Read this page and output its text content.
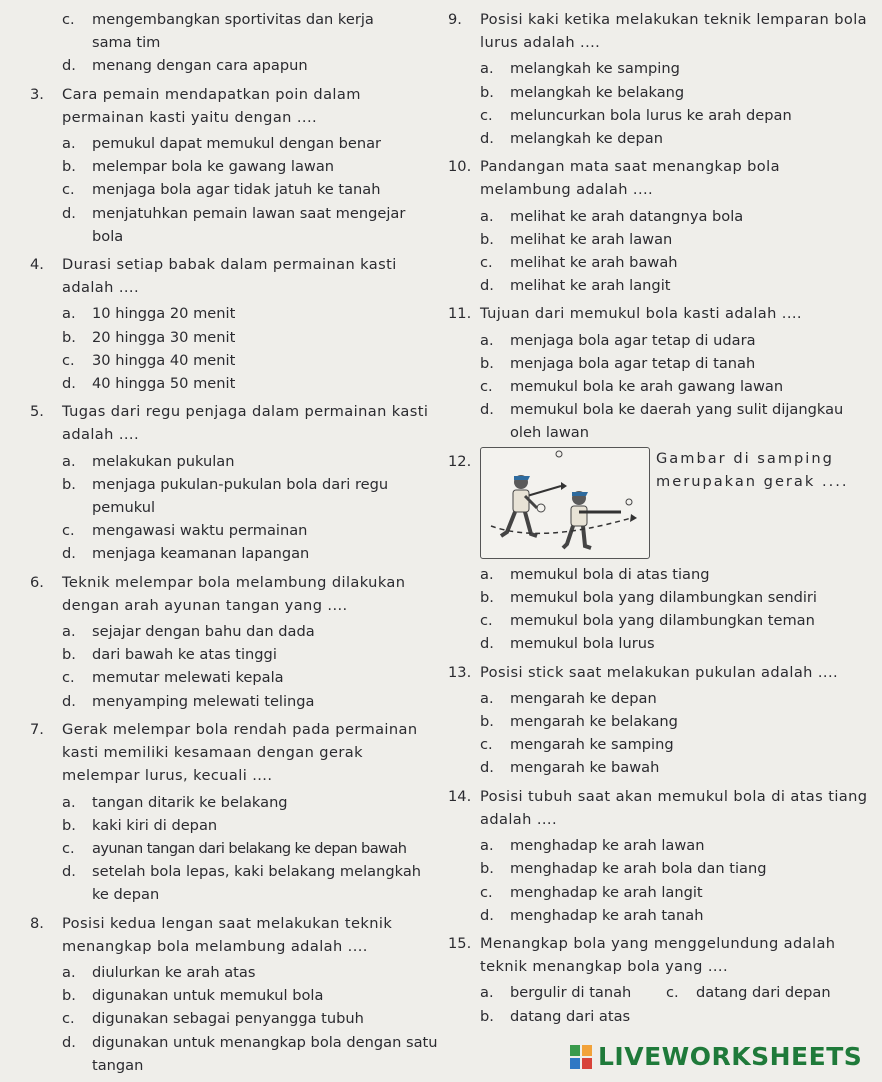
c.	mengembangkan sportivitas dan kerja
sama tim
d.	menang dengan cara apapun
3.	Cara pemain mendapatkan poin dalam permainan kasti yaitu dengan ....
a.	pemukul dapat memukul dengan benar
b.	melempar bola ke gawang lawan
c.	menjaga bola agar tidak jatuh ke tanah
d.	menjatuhkan pemain lawan saat mengejar bola
4.	Durasi setiap babak dalam permainan kasti adalah ....
a.	10 hingga 20 menit
b.	20 hingga 30 menit
c.	30 hingga 40 menit
d.	40 hingga 50 menit
5.	Tugas dari regu penjaga dalam permainan kasti adalah ....
a.	melakukan pukulan
b.	menjaga pukulan-pukulan bola dari regu pemukul
c.	mengawasi waktu permainan
d.	menjaga keamanan lapangan
6.	Teknik melempar bola melambung dilakukan dengan arah ayunan tangan yang ....
a.	sejajar dengan bahu dan dada
b.	dari bawah ke atas tinggi
c.	memutar melewati kepala
d.	menyamping melewati telinga
7.	Gerak melempar bola rendah pada permainan kasti memiliki kesamaan dengan gerak melempar lurus, kecuali ....
a.	tangan ditarik ke belakang
b.	kaki kiri di depan
c.	ayunan tangan dari belakang ke depan bawah
d.	setelah bola lepas, kaki belakang melangkah ke depan
8.	Posisi kedua lengan saat melakukan teknik menangkap bola melambung adalah ....
a.	diulurkan ke arah atas
b.	digunakan untuk memukul bola
c.	digunakan sebagai penyangga tubuh
d.	digunakan untuk menangkap bola dengan satu tangan
9.	Posisi kaki ketika melakukan teknik lemparan bola lurus adalah ....
a.	melangkah ke samping
b.	melangkah ke belakang
c.	meluncurkan bola lurus ke arah depan
d.	melangkah ke depan
10. Pandangan mata saat menangkap bola melambung adalah ....
a.	melihat ke arah datangnya bola
b.	melihat ke arah lawan
c.	melihat ke arah bawah
d.	melihat ke arah langit
11. Tujuan dari memukul bola kasti adalah ....
a.	menjaga bola agar tetap di udara
b.	menjaga bola agar tetap di tanah
c.	memukul bola ke arah gawang lawan
d.	memukul bola ke daerah yang sulit dijangkau oleh lawan
12.	Gambar di samping merupakan gerak ....
a.	memukul bola di atas tiang
b.	memukul bola yang dilambungkan sendiri
c.	memukul bola yang dilambungkan teman
d.	memukul bola lurus
13. Posisi stick saat melakukan pukulan adalah ....
a.	mengarah ke depan
b.	mengarah ke belakang
c.	mengarah ke samping
d.	mengarah ke bawah
14. Posisi tubuh saat akan memukul bola di atas tiang adalah ....
a.	menghadap ke arah lawan
b.	menghadap ke arah bola dan tiang
c.	menghadap ke arah langit
d.	menghadap ke arah tanah
15. Menangkap bola yang menggelundung adalah teknik menangkap bola yang ....
a.	bergulir di tanah	c.	datang dari depan
b.	datang dari atas
LIVEWORKSHEETS
